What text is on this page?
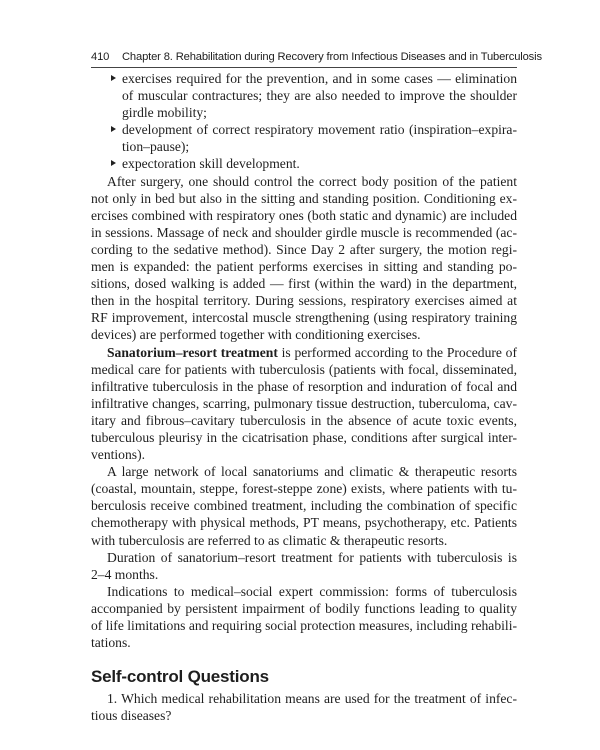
410 Chapter 8. Rehabilitation during Recovery from Infectious Diseases and in Tuberculosis
exercises required for the prevention, and in some cases — elimination of muscular contractures; they are also needed to improve the shoulder girdle mobility;
development of correct respiratory movement ratio (inspiration–expira-tion–pause);
expectoration skill development.

After surgery, one should control the correct body position of the patient not only in bed but also in the sitting and standing position. Conditioning ex-ercises combined with respiratory ones (both static and dynamic) are included in sessions. Massage of neck and shoulder girdle muscle is recommended (ac-cording to the sedative method). Since Day 2 after surgery, the motion regi-men is expanded: the patient performs exercises in sitting and standing po-sitions, dosed walking is added — first (within the ward) in the department, then in the hospital territory. During sessions, respiratory exercises aimed at RF improvement, intercostal muscle strengthening (using respiratory training devices) are performed together with conditioning exercises.

Sanatorium–resort treatment is performed according to the Procedure of medical care for patients with tuberculosis (patients with focal, disseminated, infiltrative tuberculosis in the phase of resorption and induration of focal and infiltrative changes, scarring, pulmonary tissue destruction, tuberculoma, cav-itary and fibrous–cavitary tuberculosis in the absence of acute toxic events, tuberculous pleurisy in the cicatrisation phase, conditions after surgical inter-ventions).

A large network of local sanatoriums and climatic & therapeutic resorts (coastal, mountain, steppe, forest-steppe zone) exists, where patients with tu-berculosis receive combined treatment, including the combination of specific chemotherapy with physical methods, PT means, psychotherapy, etc. Patients with tuberculosis are referred to as climatic & therapeutic resorts.

Duration of sanatorium–resort treatment for patients with tuberculosis is 2–4 months.

Indications to medical–social expert commission: forms of tuberculosis accompanied by persistent impairment of bodily functions leading to quality of life limitations and requiring social protection measures, including rehabili-tations.

Self-control Questions

1. Which medical rehabilitation means are used for the treatment of infec-tious diseases?
